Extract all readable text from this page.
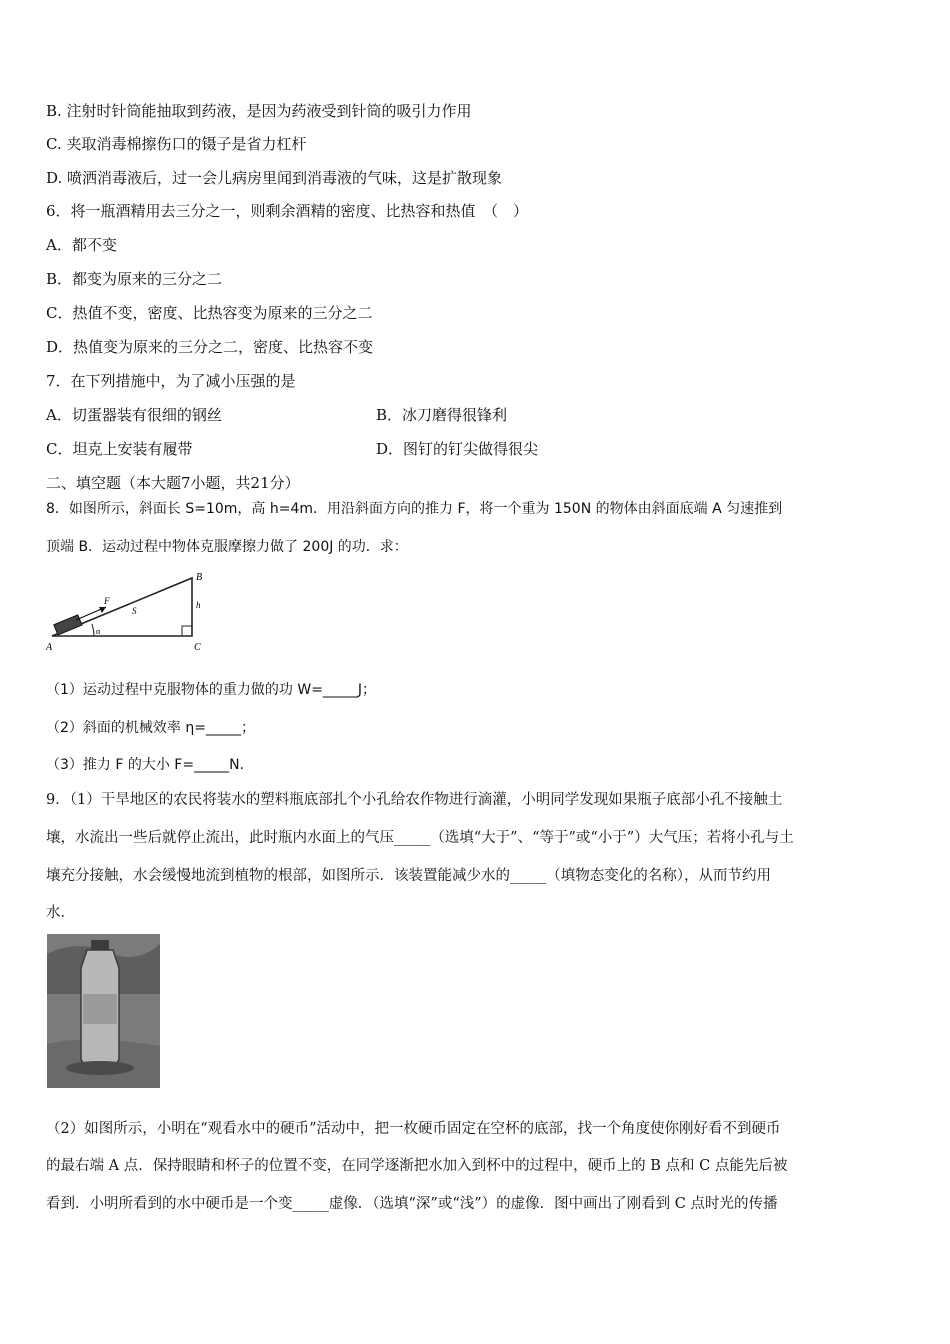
B. 注射时针筒能抽取到药液，是因为药液受到针筒的吸引力作用
C. 夹取消毒棉擦伤口的镊子是省力杠杆
D. 喷洒消毒液后，过一会儿病房里闻到消毒液的气味，这是扩散现象
6．将一瓶酒精用去三分之一，则剩余酒精的密度、比热容和热值　（　）
A．都不变
B．都变为原来的三分之二
C．热值不变，密度、比热容变为原来的三分之二
D．热值变为原来的三分之二，密度、比热容不变
7．在下列措施中，为了减小压强的是
A．切蛋器装有很细的钢丝	B．冰刀磨得很锋利
C．坦克上安装有履带	D．图钉的钉尖做得很尖
二、填空题（本大题7小题，共21分）
8．如图所示，斜面长 S=10m，高 h=4m．用沿斜面方向的推力 F，将一个重为 150N 的物体由斜面底端 A 匀速推到
顶端 B．运动过程中物体克服摩擦力做了 200J 的功．求：
A
B
C
F
S
h
α
（1）运动过程中克服物体的重力做的功 W=_____J；
（2）斜面的机械效率 η=_____；
（3）推力 F 的大小 F=_____N．
9．（1）干旱地区的农民将装水的塑料瓶底部扎个小孔给农作物进行滴灌，小明同学发现如果瓶子底部小孔不接触土
壤，水流出一些后就停止流出，此时瓶内水面上的气压_____（选填“大于”、“等于”或“小于”）大气压；若将小孔与土
壤充分接触，水会缓慢地流到植物的根部，如图所示．该装置能减少水的_____（填物态变化的名称），从而节约用
水．
（2）如图所示，小明在“观看水中的硬币”活动中，把一枚硬币固定在空杯的底部，找一个角度使你刚好看不到硬币
的最右端 A 点．保持眼睛和杯子的位置不变，在同学逐渐把水加入到杯中的过程中，硬币上的 B 点和 C 点能先后被
看到．小明所看到的水中硬币是一个变_____虚像．（选填“深”或“浅”）的虚像．图中画出了刚看到 C 点时光的传播
